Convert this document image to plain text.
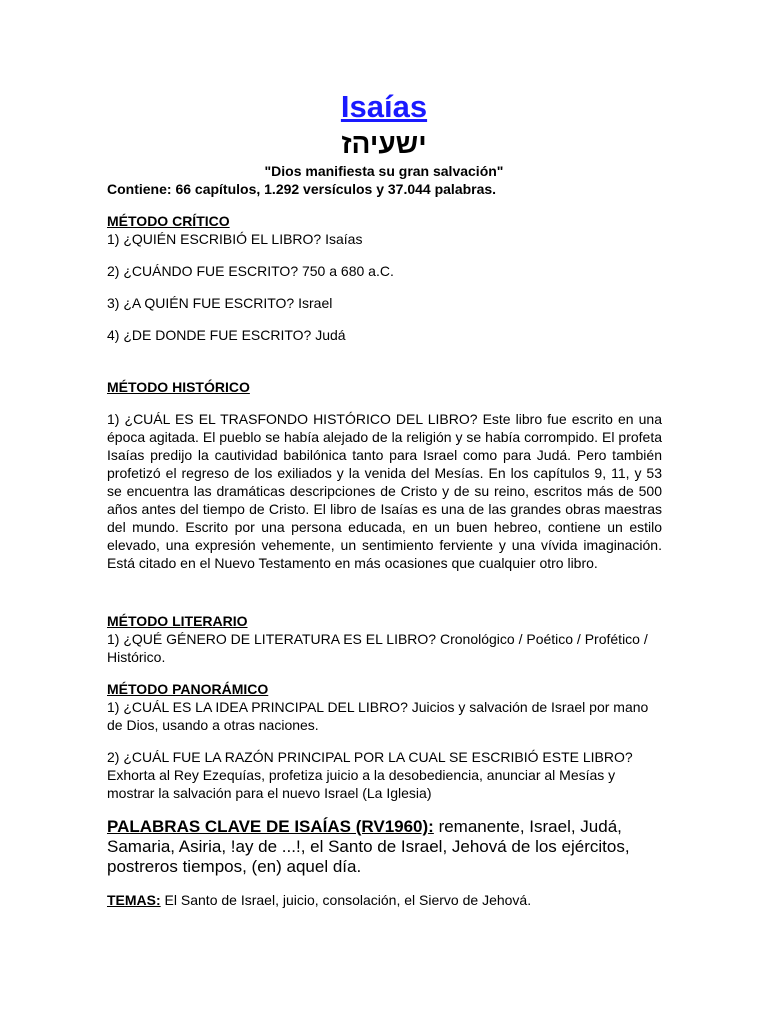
Isaías
ישעיהז
"Dios manifiesta su gran salvación"
Contiene: 66 capítulos, 1.292 versículos y 37.044 palabras.
MÉTODO CRÍTICO
1) ¿QUIÉN ESCRIBIÓ EL LIBRO? Isaías
2) ¿CUÁNDO FUE ESCRITO? 750 a 680 a.C.
3) ¿A QUIÉN FUE ESCRITO? Israel
4) ¿DE DONDE FUE ESCRITO? Judá
MÉTODO HISTÓRICO
1) ¿CUÁL ES EL TRASFONDO HISTÓRICO DEL LIBRO? Este libro fue escrito en una época agitada. El pueblo se había alejado de la religión y se había corrompido. El profeta Isaías predijo la cautividad babilónica tanto para Israel como para Judá. Pero también profetizó el regreso de los exiliados y la venida del Mesías. En los capítulos 9, 11, y 53 se encuentra las dramáticas descripciones de Cristo y de su reino, escritos más de 500 años antes del tiempo de Cristo. El libro de Isaías es una de las grandes obras maestras del mundo. Escrito por una persona educada, en un buen hebreo, contiene un estilo elevado, una expresión vehemente, un sentimiento ferviente y una vívida imaginación. Está citado en el Nuevo Testamento en más ocasiones que cualquier otro libro.
MÉTODO LITERARIO
1) ¿QUÉ GÉNERO DE LITERATURA ES EL LIBRO? Cronológico / Poético / Profético / Histórico.
MÉTODO PANORÁMICO
1) ¿CUÁL ES LA IDEA PRINCIPAL DEL LIBRO? Juicios y salvación de Israel por mano de Dios, usando a otras naciones.
2) ¿CUÁL FUE LA RAZÓN PRINCIPAL POR LA CUAL SE ESCRIBIÓ ESTE LIBRO? Exhorta al Rey Ezequías, profetiza juicio a la desobediencia, anunciar al Mesías y mostrar la salvación para el nuevo Israel (La Iglesia)
PALABRAS CLAVE DE ISAÍAS (RV1960): remanente, Israel, Judá, Samaria, Asiria, !ay de ...!, el Santo de Israel, Jehová de los ejércitos, postreros tiempos, (en) aquel día.
TEMAS: El Santo de Israel, juicio, consolación, el Siervo de Jehová.
